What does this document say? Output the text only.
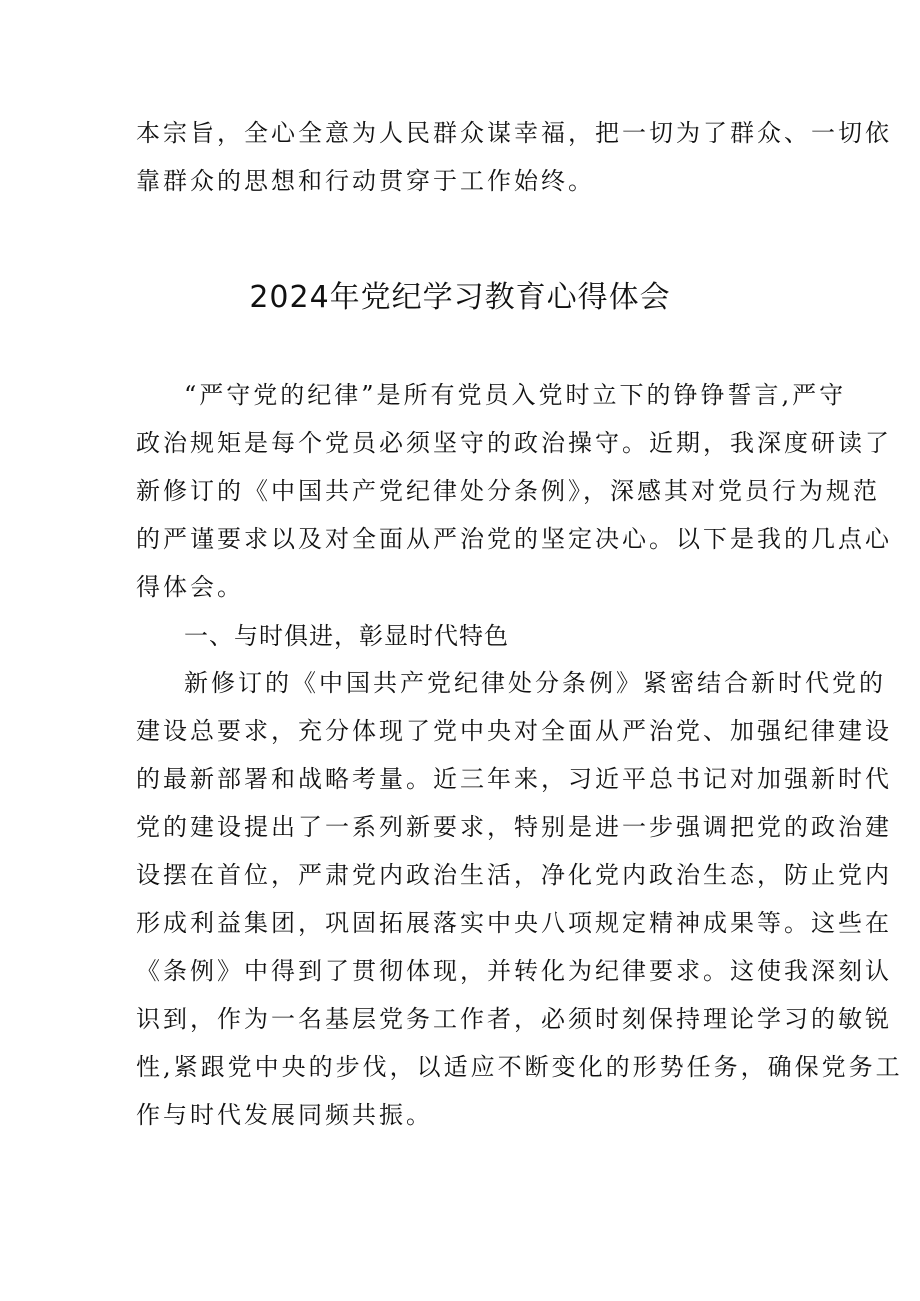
本宗旨，全心全意为人民群众谋幸福，把一切为了群众、一切依
靠群众的思想和行动贯穿于工作始终。
2024年党纪学习教育心得体会
“严守党的纪律”是所有党员入党时立下的铮铮誓言,严守
政治规矩是每个党员必须坚守的政治操守。近期，我深度研读了
新修订的《中国共产党纪律处分条例》，深感其对党员行为规范
的严谨要求以及对全面从严治党的坚定决心。以下是我的几点心
得体会。
一、与时俱进，彰显时代特色
新修订的《中国共产党纪律处分条例》紧密结合新时代党的
建设总要求，充分体现了党中央对全面从严治党、加强纪律建设
的最新部署和战略考量。近三年来，习近平总书记对加强新时代
党的建设提出了一系列新要求，特别是进一步强调把党的政治建
设摆在首位，严肃党内政治生活，净化党内政治生态，防止党内
形成利益集团，巩固拓展落实中央八项规定精神成果等。这些在
《条例》中得到了贯彻体现，并转化为纪律要求。这使我深刻认
识到，作为一名基层党务工作者，必须时刻保持理论学习的敏锐
性,紧跟党中央的步伐，以适应不断变化的形势任务，确保党务工
作与时代发展同频共振。
